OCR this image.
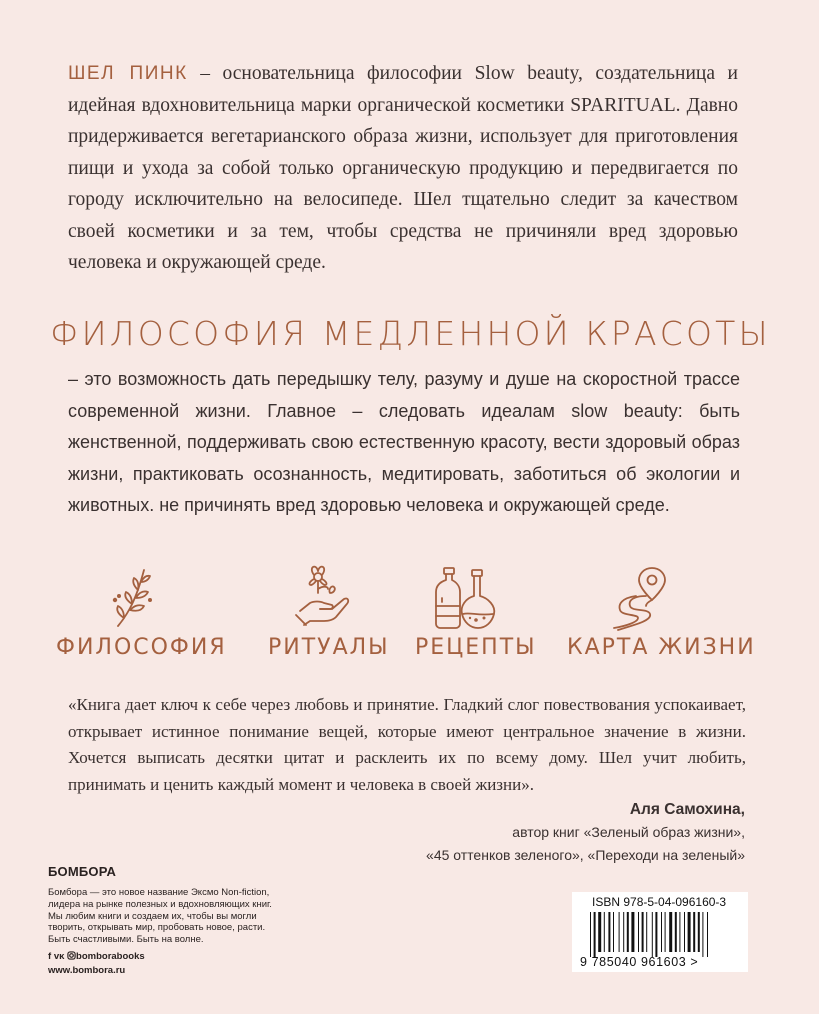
ШЕЛ ПИНК – основательница философии Slow beauty, создательница и идейная вдохновительница марки органической косметики SPARITUAL. Давно придерживается вегетарианского образа жизни, использует для приготовления пищи и ухода за собой только органическую продукцию и передвигается по городу исключительно на велосипеде. Шел тщательно следит за качеством своей косметики и за тем, чтобы средства не причиняли вред здоровью человека и окружающей среде.
ФИЛОСОФИЯ МЕДЛЕННОЙ КРАСОТЫ
– это возможность дать передышку телу, разуму и душе на скоростной трассе современной жизни. Главное – следовать идеалам slow beauty: быть женственной, поддерживать свою естественную красоту, вести здоровый образ жизни, практиковать осознанность, медитировать, заботиться об экологии и животных. не причинять вред здоровью человека и окружающей среде.
ФИЛОСОФИЯ РИТУАЛЫ РЕЦЕПТЫ КАРТА ЖИЗНИ
«Книга дает ключ к себе через любовь и принятие. Гладкий слог повествования успокаивает, открывает истинное понимание вещей, которые имеют центральное значение в жизни. Хочется выписать десятки цитат и расклеить их по всему дому. Шел учит любить, принимать и ценить каждый момент и человека в своей жизни».
Аля Самохина,
автор книг «Зеленый образ жизни»,
«45 оттенков зеленого», «Переходи на зеленый»
БОМБОРА
Бомбора — это новое название Эксмо Non-fiction,
лидера на рынке полезных и вдохновляющих книг.
Мы любим книги и создаем их, чтобы вы могли
творить, открывать мир, пробовать новое, расти.
Быть счастливыми. Быть на волне.
f ᴠᴋ bomborabooks
www.bombora.ru
ISBN 978-5-04-096160-3
9 785040 961603 >
